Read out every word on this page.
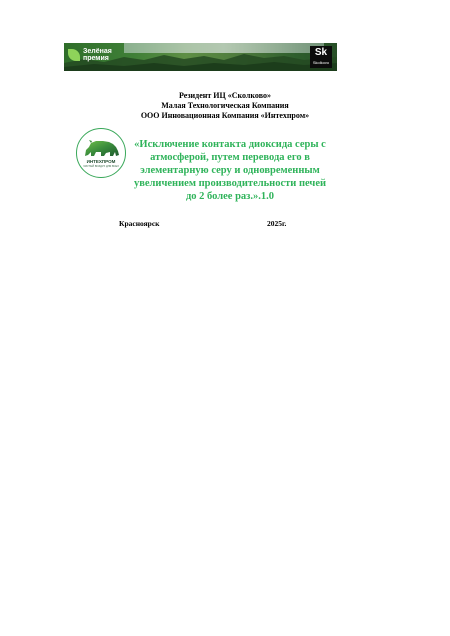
Зелёная
премия
Sk
Skolkovo
Резидент ИЦ «Сколково»
Малая Технологическая Компания
ООО Инновационная Компания «Интехпром»
ИНТЕХПРОМ
ЧИСТЫЙ ВОЗДУХ ДЛЯ ВСЕХ
«Исключение контакта диоксида серы с
атмосферой, путем перевода его в
элементарную серу и одновременным
увеличением производительности печей
до 2 более раз.».1.0
Красноярск	2025г.
